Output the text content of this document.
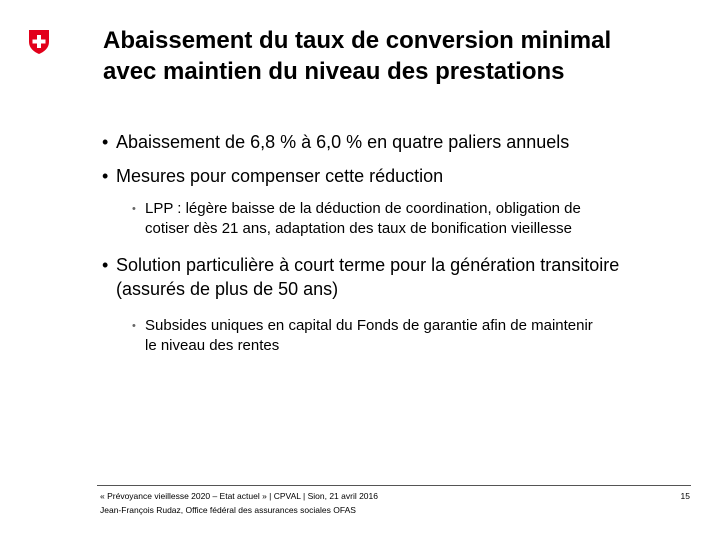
Abaissement du taux de conversion minimal
avec maintien du niveau des prestations
• Abaissement de 6,8 % à 6,0 % en quatre paliers annuels
• Mesures pour compenser cette réduction
• LPP : légère baisse de la déduction de coordination, obligation de
cotiser dès 21 ans, adaptation des taux de bonification vieillesse
• Solution particulière à court terme pour la génération transitoire
(assurés de plus de 50 ans)
• Subsides uniques en capital du Fonds de garantie afin de maintenir
le niveau des rentes
« Prévoyance vieillesse 2020 – Etat actuel » | CPVAL | Sion, 21 avril 2016
Jean-François Rudaz, Office fédéral des assurances sociales OFAS
15
